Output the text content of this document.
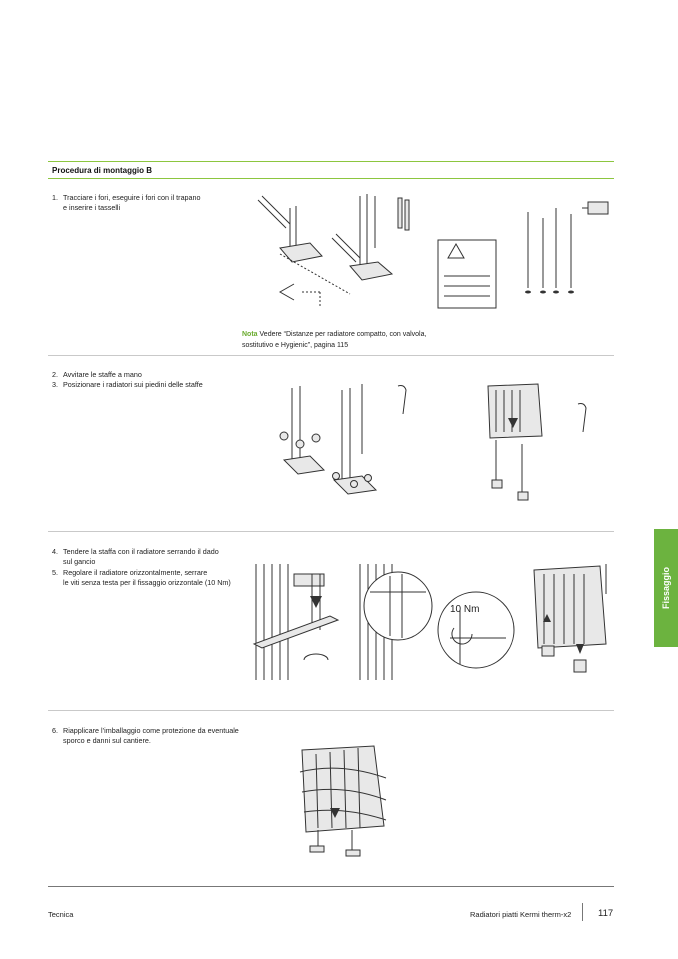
Procedura di montaggio B
1. Tracciare i fori, eseguire i fori con il trapano
e inserire i tasselli
Nota Vedere “Distanze per radiatore compatto, con valvola,
sostitutivo e Hygienic”, pagina 115
2. Avvitare le staffe a mano
3. Posizionare i radiatori sui piedini delle staffe
4. Tendere la staffa con il radiatore serrando il dado
sul gancio
5. Regolare il radiatore orizzontalmente, serrare
le viti senza testa per il fissaggio orizzontale (10 Nm)
10 Nm
6. Riapplicare l’imballaggio come protezione da eventuale
sporco e danni sul cantiere.
Tecnica	Radiatori piatti Kermi therm-x2	117
Fissaggio
